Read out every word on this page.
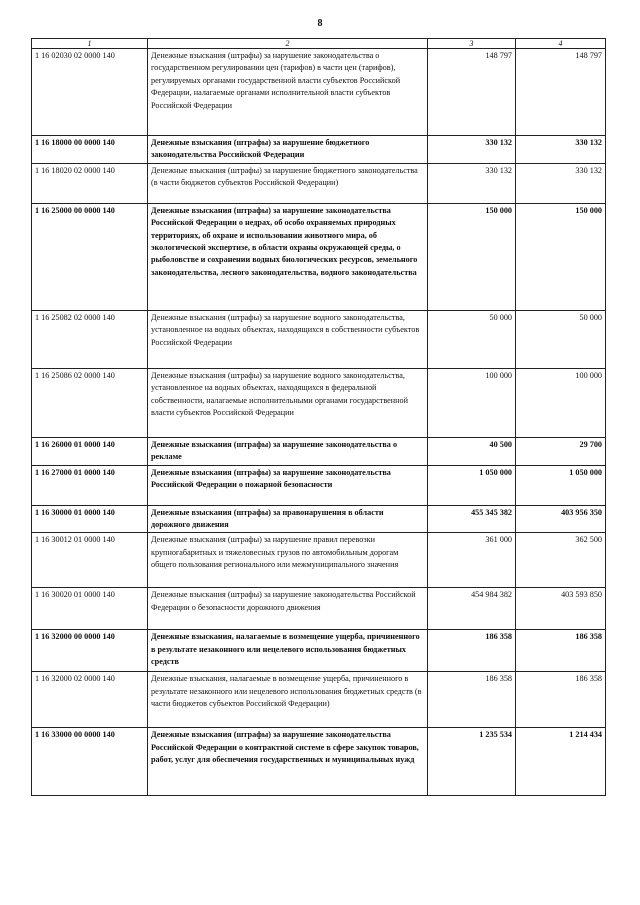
8
1	2	3	4
1 16 02030 02 0000 140	Денежные взыскания (штрафы) за нарушение законодательства о государственном регулировании цен (тарифов) в части цен (тарифов), регулируемых органами государственной власти субъектов Российской Федерации, налагаемые органами исполнительной власти субъектов Российской Федерации	148 797	148 797
1 16 18000 00 0000 140	Денежные взыскания (штрафы) за нарушение бюджетного законодательства Российской Федерации	330 132	330 132
1 16 18020 02 0000 140	Денежные взыскания (штрафы) за нарушение бюджетного законодательства (в части бюджетов субъектов Российской Федерации)	330 132	330 132
1 16 25000 00 0000 140	Денежные взыскания (штрафы) за нарушение законодательства Российской Федерации о недрах, об особо охраняемых природных территориях, об охране и использовании животного мира, об экологической экспертизе, в области охраны окружающей среды, о рыболовстве и сохранении водных биологических ресурсов, земельного законодательства, лесного законодательства, водного законодательства	150 000	150 000
1 16 25082 02 0000 140	Денежные взыскания (штрафы) за нарушение водного законодательства, установленное на водных объектах, находящихся в собственности субъектов Российской Федерации	50 000	50 000
1 16 25086 02 0000 140	Денежные взыскания (штрафы) за нарушение водного законодательства, установленное на водных объектах, находящихся в федеральной собственности, налагаемые исполнительными органами государственной власти субъектов Российской Федерации	100 000	100 000
1 16 26000 01 0000 140	Денежные взыскания (штрафы) за нарушение законодательства о рекламе	40 500	29 700
1 16 27000 01 0000 140	Денежные взыскания (штрафы) за нарушение законодательства Российской Федерации о пожарной безопасности	1 050 000	1 050 000
1 16 30000 01 0000 140	Денежные взыскания (штрафы) за правонарушения в области дорожного движения	455 345 382	403 956 350
1 16 30012 01 0000 140	Денежные взыскания (штрафы) за нарушение правил перевозки крупногабаритных и тяжеловесных грузов по автомобильным дорогам общего пользования регионального или межмуниципального значения	361 000	362 500
1 16 30020 01 0000 140	Денежные взыскания (штрафы) за нарушение законодательства Российской Федерации о безопасности дорожного движения	454 984 382	403 593 850
1 16 32000 00 0000 140	Денежные взыскания, налагаемые в возмещение ущерба, причиненного в результате незаконного или нецелевого использования бюджетных средств	186 358	186 358
1 16 32000 02 0000 140	Денежные взыскания, налагаемые в возмещение ущерба, причиненного в результате незаконного или нецелевого использования бюджетных средств (в части бюджетов субъектов Российской Федерации)	186 358	186 358
1 16 33000 00 0000 140	Денежные взыскания (штрафы) за нарушение законодательства Российской Федерации о контрактной системе в сфере закупок товаров, работ, услуг для обеспечения государственных и муниципальных нужд	1 235 534	1 214 434
